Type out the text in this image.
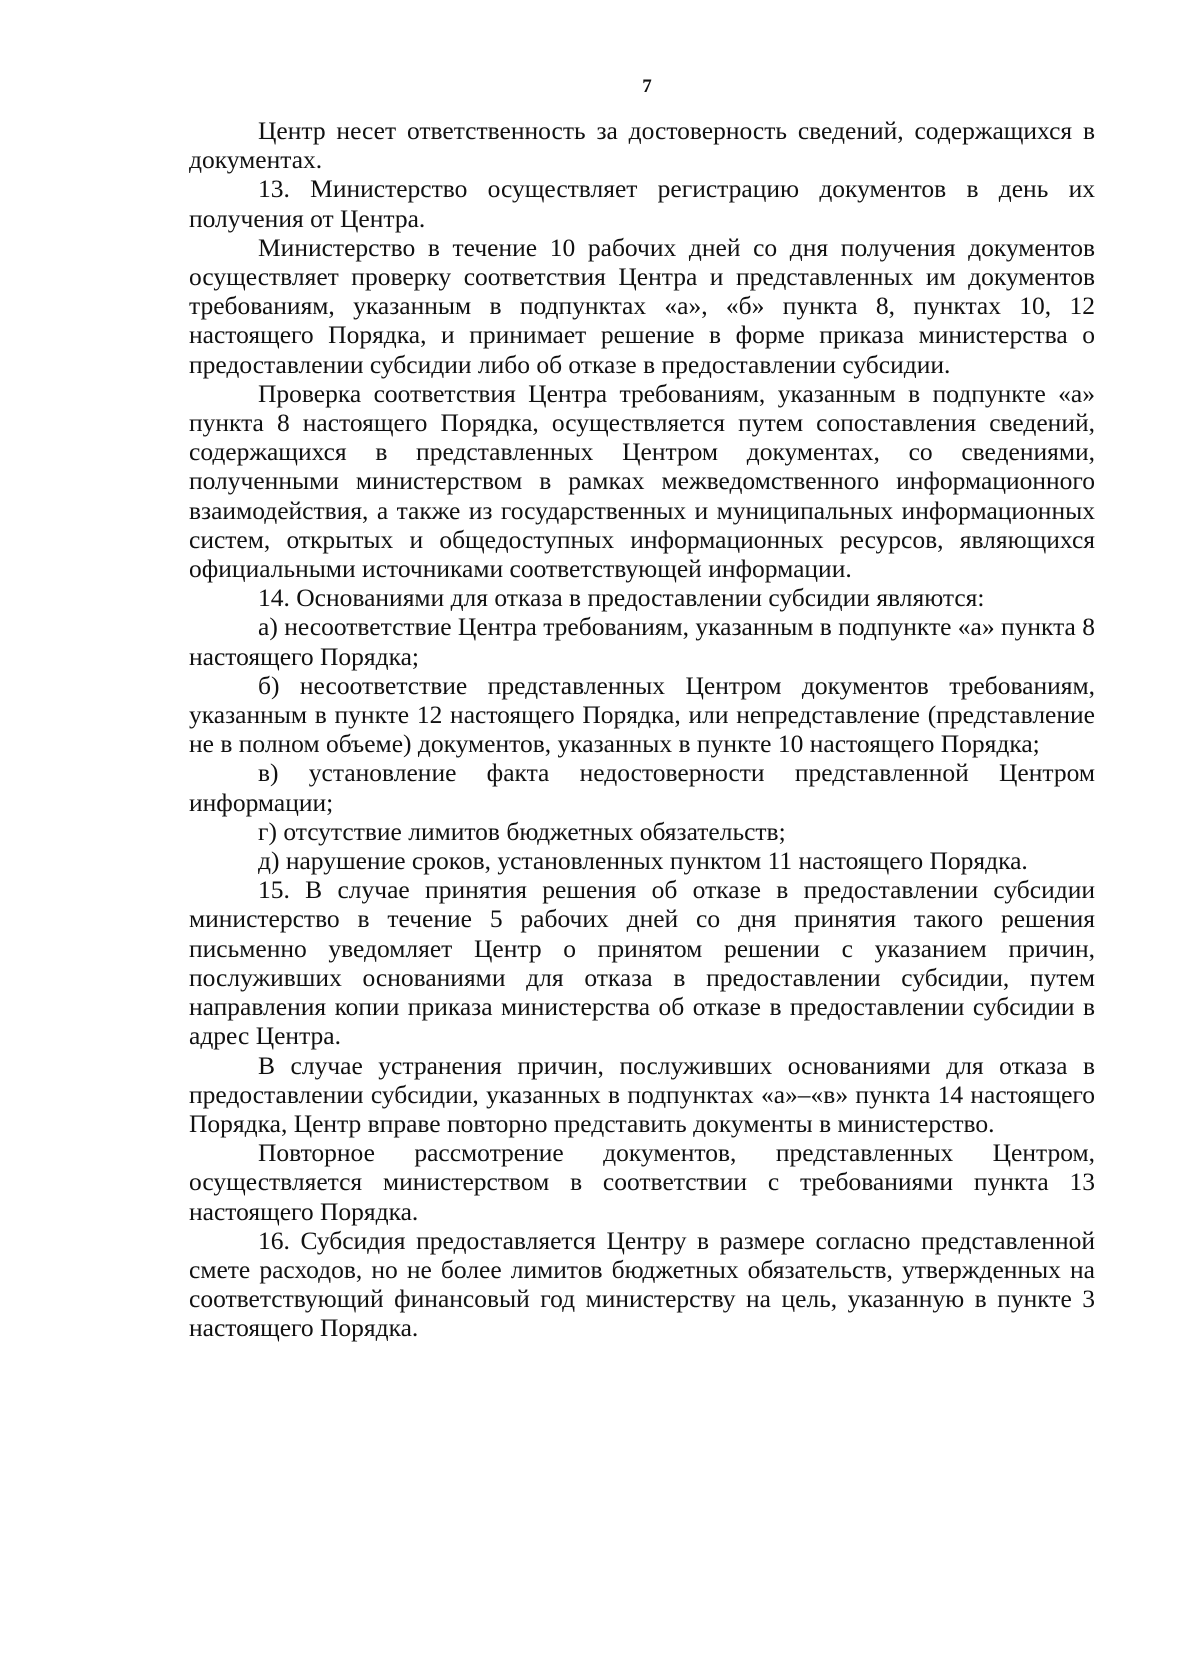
7

Центр несет ответственность за достоверность сведений, содержащихся в документах.

13. Министерство осуществляет регистрацию документов в день их получения от Центра.

Министерство в течение 10 рабочих дней со дня получения документов осуществляет проверку соответствия Центра и представленных им документов требованиям, указанным в подпунктах «а», «б» пункта 8, пунктах 10, 12 настоящего Порядка, и принимает решение в форме приказа министерства о предоставлении субсидии либо об отказе в предоставлении субсидии.

Проверка соответствия Центра требованиям, указанным в подпункте «а» пункта 8 настоящего Порядка, осуществляется путем сопоставления сведений, содержащихся в представленных Центром документах, со сведениями, полученными министерством в рамках межведомственного информационного взаимодействия, а также из государственных и муниципальных информационных систем, открытых и общедоступных информационных ресурсов, являющихся официальными источниками соответствующей информации.

14. Основаниями для отказа в предоставлении субсидии являются:

а) несоответствие Центра требованиям, указанным в подпункте «а» пункта 8 настоящего Порядка;

б) несоответствие представленных Центром документов требованиям, указанным в пункте 12 настоящего Порядка, или непредставление (представление не в полном объеме) документов, указанных в пункте 10 настоящего Порядка;

в) установление факта недостоверности представленной Центром информации;

г) отсутствие лимитов бюджетных обязательств;

д) нарушение сроков, установленных пунктом 11 настоящего Порядка.

15. В случае принятия решения об отказе в предоставлении субсидии министерство в течение 5 рабочих дней со дня принятия такого решения письменно уведомляет Центр о принятом решении с указанием причин, послуживших основаниями для отказа в предоставлении субсидии, путем направления копии приказа министерства об отказе в предоставлении субсидии в адрес Центра.

В случае устранения причин, послуживших основаниями для отказа в предоставлении субсидии, указанных в подпунктах «а»–«в» пункта 14 настоящего Порядка, Центр вправе повторно представить документы в министерство.

Повторное рассмотрение документов, представленных Центром, осуществляется министерством в соответствии с требованиями пункта 13 настоящего Порядка.

16. Субсидия предоставляется Центру в размере согласно представленной смете расходов, но не более лимитов бюджетных обязательств, утвержденных на соответствующий финансовый год министерству на цель, указанную в пункте 3 настоящего Порядка.
